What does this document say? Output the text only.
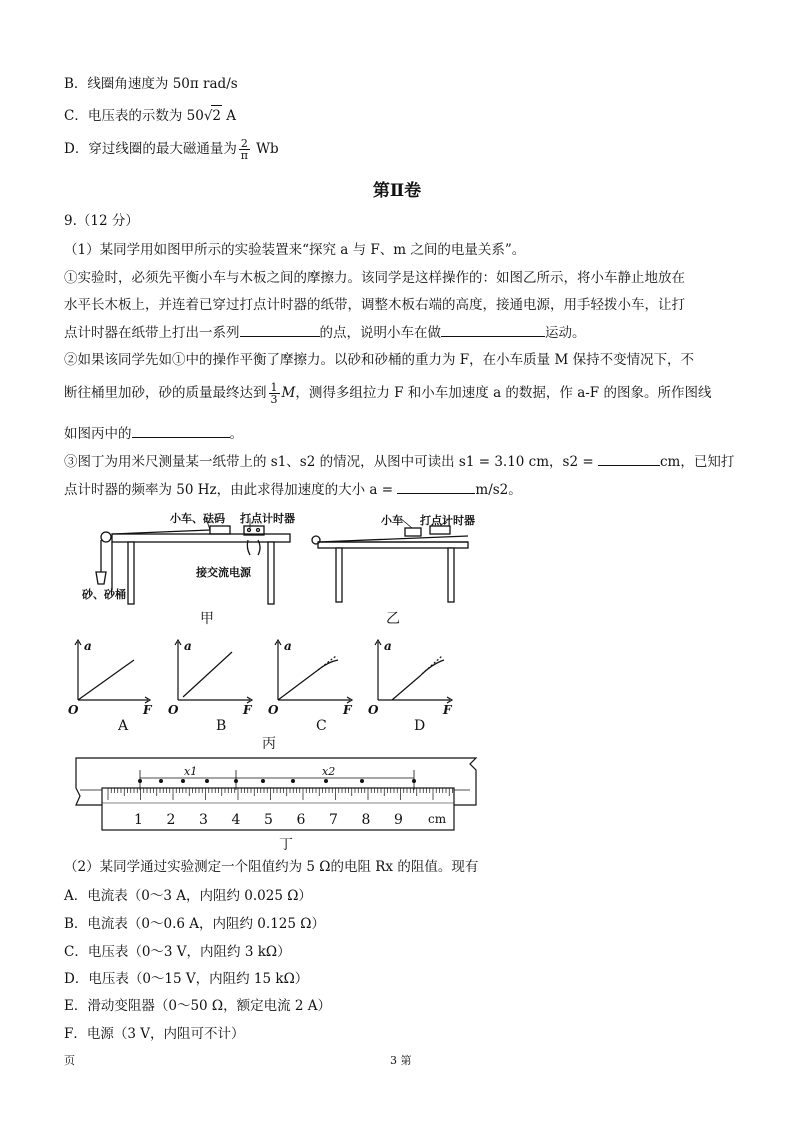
B．线圈角速度为 50π rad/s
C．电压表的示数为 50√2 A
D．穿过线圈的最大磁通量为 $\frac{2}{\pi}$ Wb
第Ⅱ卷
9.（12 分）
（1）某同学用如图甲所示的实验装置来“探究 a 与 F、m 之间的电量关系”。
①实验时，必须先平衡小车与木板之间的摩擦力。该同学是这样操作的：如图乙所示，将小车静止地放在
水平长木板上，并连着已穿过打点计时器的纸带，调整木板右端的高度，接通电源，用手轻拨小车，让打
点计时器在纸带上打出一系列	的点，说明小车在做	运动。
②如果该同学先如①中的操作平衡了摩擦力。以砂和砂桶的重力为 F，在小车质量 M 保持不变情况下，不
断往桶里加砂，砂的质量最终达到 $\frac{1}{3}$ M，测得多组拉力 F 和小车加速度 a 的数据，作 a-F 的图象。所作图线
如图丙中的	。
③图丁为用米尺测量某一纸带上的 s1、s2 的情况，从图中可读出 s1 = 3.10 cm，s2 =	cm，已知打
点计时器的频率为 50 Hz，由此求得加速度的大小 a =	m/s2。
小车、砝码 打点计时器
接交流电源
砂、砂桶
小车 打点计时器
甲	乙
a	a	a	a
F	F	F	F
O	O	O	O
A	B	C	D
丙
x1	x2
1 2 3 4 5 6 7 8 9 cm
丁
（2）某同学通过实验测定一个阻值约为 5 Ω的电阻 Rx 的阻值。现有
A．电流表（0～3 A，内阻约 0.025 Ω）
B．电流表（0～0.6 A，内阻约 0.125 Ω）
C．电压表（0～3 V，内阻约 3 kΩ）
D．电压表（0～15 V，内阻约 15 kΩ）
E．滑动变阻器（0～50 Ω，额定电流 2 A）
F．电源（3 V，内阻可不计）
页	3 第
